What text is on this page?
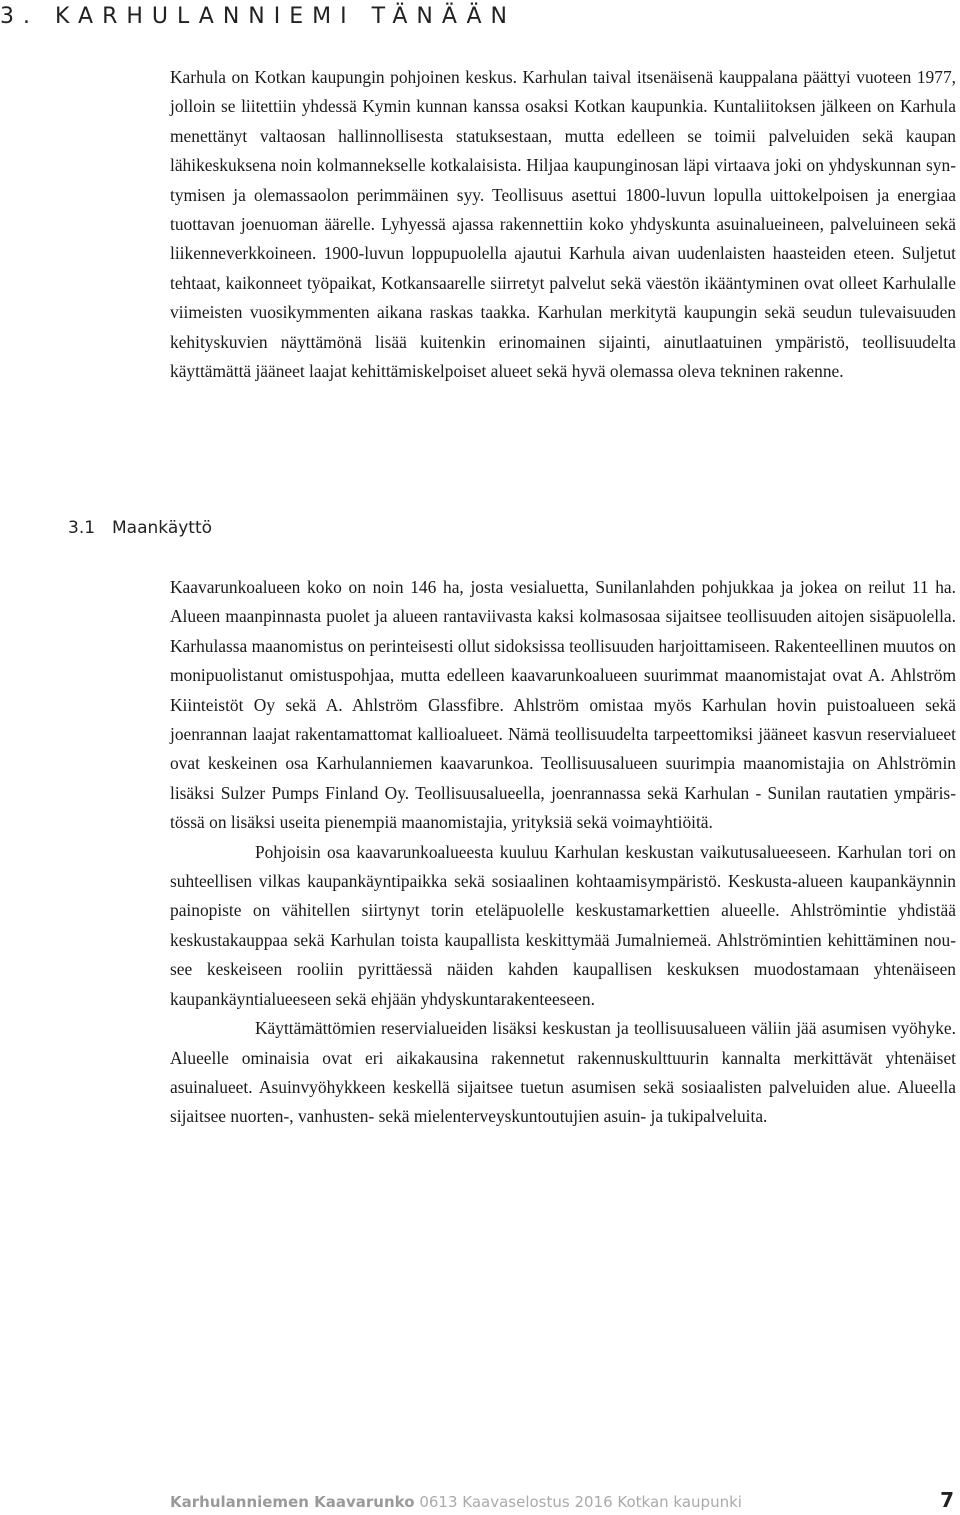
3. KARHULANNIEMI TÄNÄÄN

Karhula on Kotkan kaupungin pohjoinen keskus. Karhulan taival itsenäisenä kauppalana päättyi vuoteen 1977, jolloin se liitettiin yhdessä Kymin kunnan kanssa osaksi Kotkan kaupunkia. Kuntaliitoksen jälkeen on Karhula menettänyt valtaosan hallinnollisesta statuksestaan, mutta edelleen se toimii palveluiden sekä kaupan lähikeskuksena noin kolmannekselle kotkalaisista. Hiljaa kaupunginosan läpi virtaava joki on yhdyskunnan syntymisen ja olemassaolon perimmäinen syy. Teollisuus asettui 1800-luvun lopulla uittokelpoisen ja energiaa tuottavan joenuoman äärelle. Lyhyessä ajassa rakennettiin koko yhdyskunta asuinalueineen, palveluineen sekä liikenneverkkoineen. 1900-luvun loppupuolella ajautui Karhula aivan uudenlaisten haasteiden eteen. Suljetut tehtaat, kaikonneet työpaikat, Kotkansaarelle siirretyt palvelut sekä väestön ikääntyminen ovat olleet Karhulalle viimeisten vuosikymmenten aikana raskas taakka. Karhulan merkitytä kaupungin sekä seudun tulevaisuuden kehityskuvien näyttämönä lisää kuitenkin erinomainen sijainti, ainutlaatuinen ympäristö, teollisuudelta käyttämättä jääneet laajat kehittämiskelpoiset alueet sekä hyvä olemassa oleva tekninen rakenne.

3.1 Maankäyttö

Kaavarunkoalueen koko on noin 146 ha, josta vesialuetta, Sunilanlahden pohjukkaa ja jokea on reilut 11 ha. Alueen maanpinnasta puolet ja alueen rantaviivasta kaksi kolmasosaa sijaitsee teollisuuden aitojen sisäpuolella. Karhulassa maanomistus on perinteisesti ollut sidoksissa teollisuuden harjoittamiseen. Rakenteellinen muutos on monipuolistanut omistuspohjaa, mutta edelleen kaavarunkoalueen suurimmat maanomistajat ovat A. Ahlström Kiinteistöt Oy sekä A. Ahlström Glassfibre. Ahlström omistaa myös Karhulan hovin puistoalueen sekä joenrannan laajat rakentamattomat kallioalueet. Nämä teollisuudelta tarpeettomiksi jääneet kasvun reservialueet ovat keskeinen osa Karhulanniemen kaavarunkoa. Teollisuusalueen suurimpia maanomistajia on Ahlströmin lisäksi Sulzer Pumps Finland Oy. Teollisuusalueella, joenrannassa sekä Karhulan - Sunilan rautatien ympäristössä on lisäksi useita pienempiä maanomistajia, yrityksiä sekä voimayhtiöitä.

Pohjoisin osa kaavarunkoalueesta kuuluu Karhulan keskustan vaikutusalueeseen. Karhulan tori on suhteellisen vilkas kaupankäyntipaikka sekä sosiaalinen kohtaamisympäristö. Keskusta-alueen kaupankäynnin painopiste on vähitellen siirtynyt torin eteläpuolelle keskustamarkettien alueelle. Ahlströmintie yhdistää keskustakauppaa sekä Karhulan toista kaupallista keskittymää Jumalniemeä. Ahlströmintien kehittäminen nousee keskeiseen rooliin pyrittäessä näiden kahden kaupallisen keskuksen muodostamaan yhtenäiseen kaupankäyntialueeseen sekä ehjään yhdyskuntarakenteeseen.

Käyttämättömien reservialueiden lisäksi keskustan ja teollisuusalueen väliin jää asumisen vyöhyke. Alueelle ominaisia ovat eri aikakausina rakennetut rakennuskulttuurin kannalta merkittävät yhtenäiset asuinalueet. Asuinvyöhykkeen keskellä sijaitsee tuetun asumisen sekä sosiaalisten palveluiden alue. Alueella sijaitsee nuorten-, vanhusten- sekä mielenterveyskuntoutujien asuin- ja tukipalveluita.

Karhulanniemen Kaavarunko 0613 Kaavaselostus 2016 Kotkan kaupunki	7
